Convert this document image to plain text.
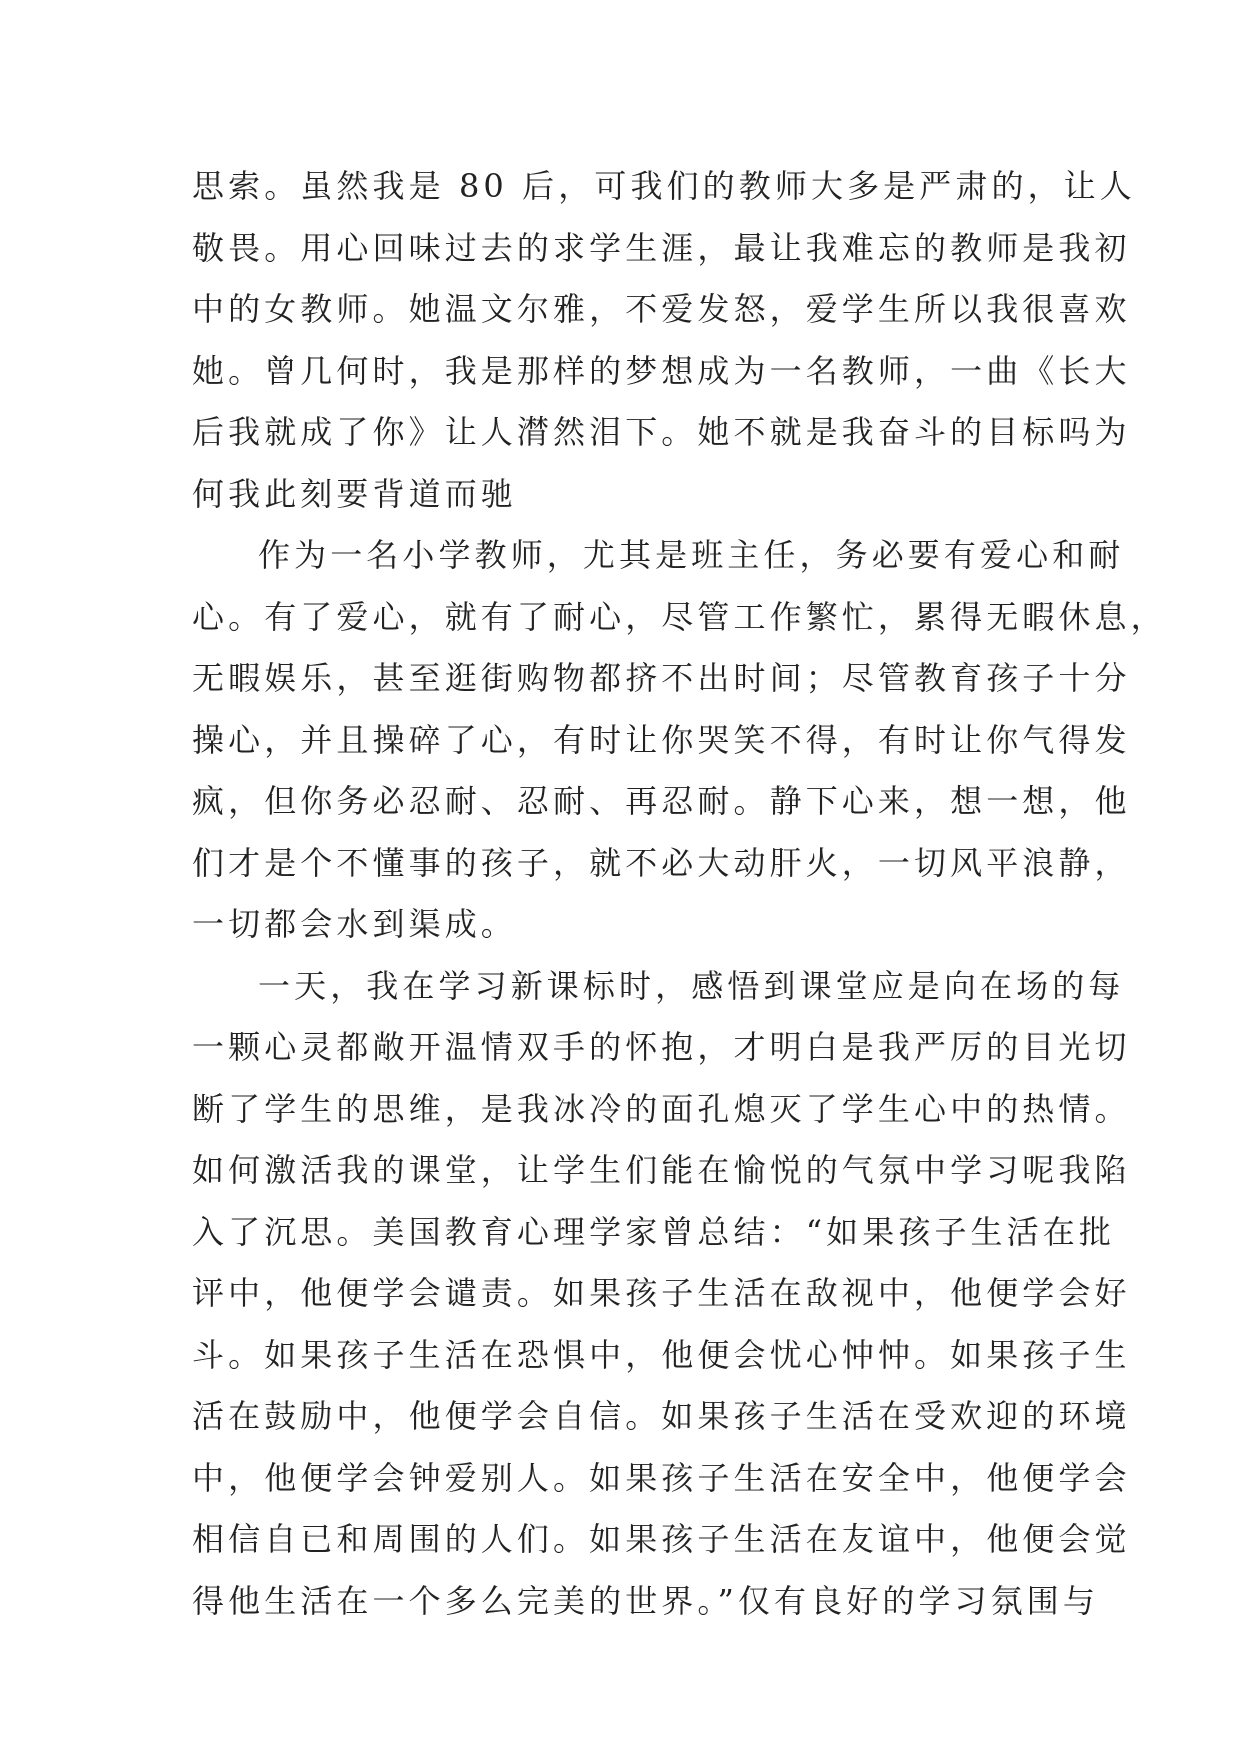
思索。虽然我是 80 后，可我们的教师大多是严肃的，让人
敬畏。用心回味过去的求学生涯，最让我难忘的教师是我初
中的女教师。她温文尔雅，不爱发怒，爱学生所以我很喜欢
她。曾几何时，我是那样的梦想成为一名教师，一曲《长大
后我就成了你》让人潸然泪下。她不就是我奋斗的目标吗为
何我此刻要背道而驰
作为一名小学教师，尤其是班主任，务必要有爱心和耐
心。有了爱心，就有了耐心，尽管工作繁忙，累得无暇休息，
无暇娱乐，甚至逛街购物都挤不出时间；尽管教育孩子十分
操心，并且操碎了心，有时让你哭笑不得，有时让你气得发
疯，但你务必忍耐、忍耐、再忍耐。静下心来，想一想，他
们才是个不懂事的孩子，就不必大动肝火，一切风平浪静，
一切都会水到渠成。
一天，我在学习新课标时，感悟到课堂应是向在场的每
一颗心灵都敞开温情双手的怀抱，才明白是我严厉的目光切
断了学生的思维，是我冰冷的面孔熄灭了学生心中的热情。
如何激活我的课堂，让学生们能在愉悦的气氛中学习呢我陷
入了沉思。美国教育心理学家曾总结：“如果孩子生活在批
评中，他便学会谴责。如果孩子生活在敌视中，他便学会好
斗。如果孩子生活在恐惧中，他便会忧心忡忡。如果孩子生
活在鼓励中，他便学会自信。如果孩子生活在受欢迎的环境
中，他便学会钟爱别人。如果孩子生活在安全中，他便学会
相信自已和周围的人们。如果孩子生活在友谊中，他便会觉
得他生活在一个多么完美的世界。”仅有良好的学习氛围与
